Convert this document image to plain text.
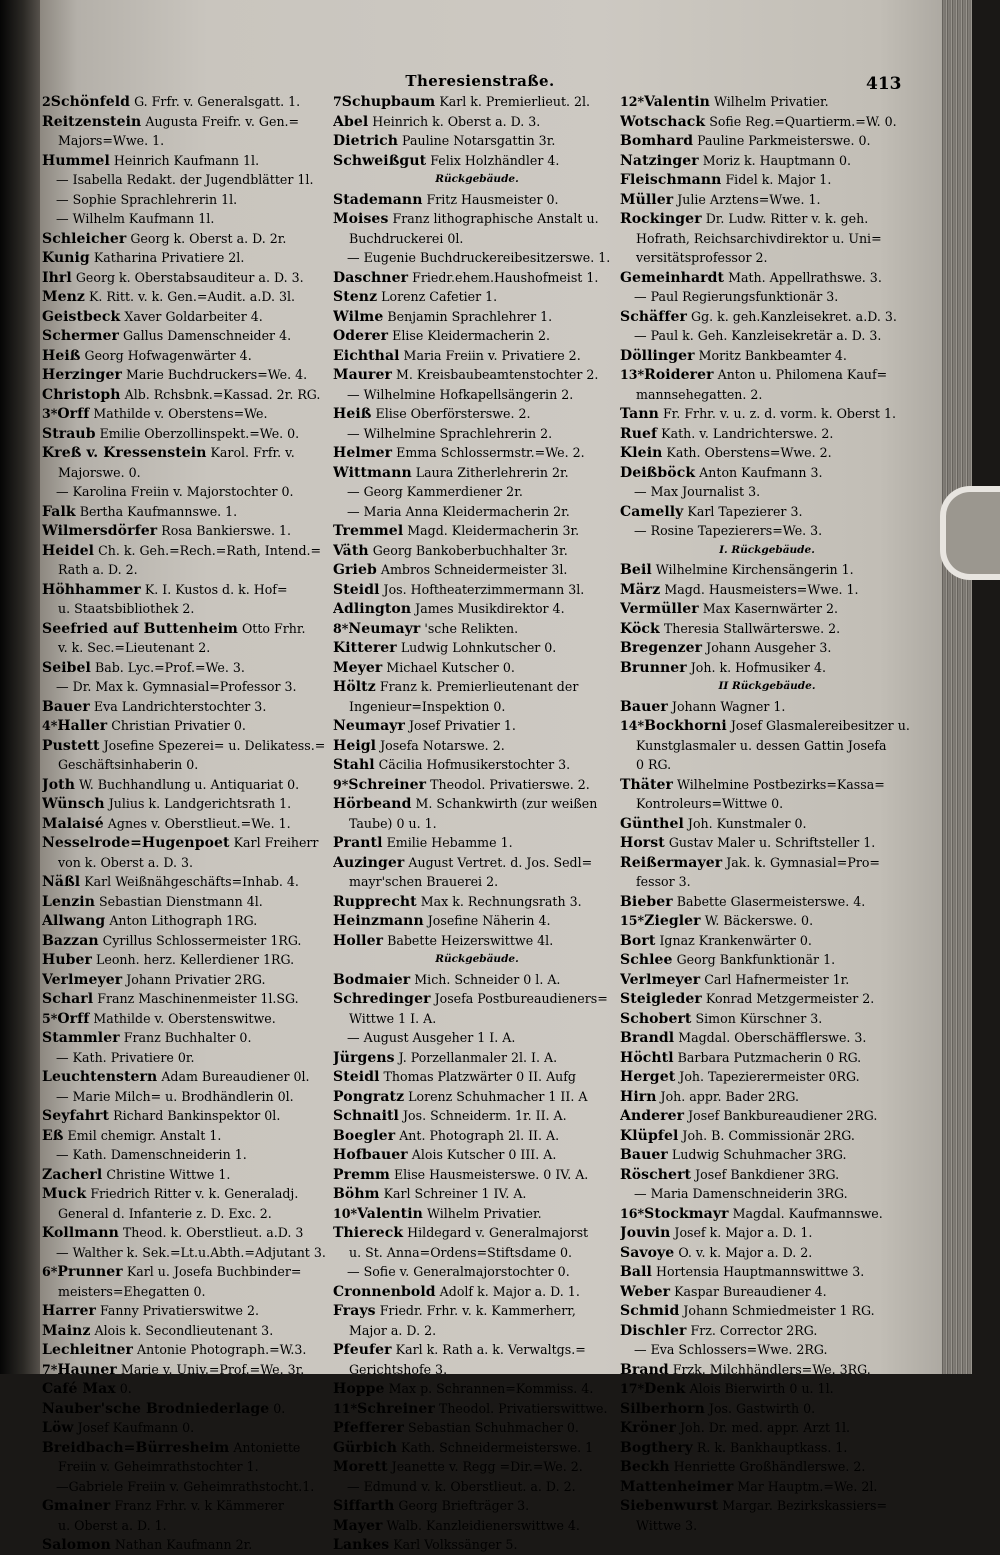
Theresienstraße.	413
2Schönfeld G. Frfr. v. Generalsgatt. 1.
Reitzenstein Augusta Freifr. v. Gen.=
Majors=Wwe. 1.
Hummel Heinrich Kaufmann 1l.
— Isabella Redakt. der Jugendblätter 1l.
— Sophie Sprachlehrerin 1l.
— Wilhelm Kaufmann 1l.
Schleicher Georg k. Oberst a. D. 2r.
Kunig Katharina Privatiere 2l.
Ihrl Georg k. Oberstabsauditeur a. D. 3.
Menz K. Ritt. v. k. Gen.=Audit. a.D. 3l.
Geistbeck Xaver Goldarbeiter 4.
Schermer Gallus Damenschneider 4.
Heiß Georg Hofwagenwärter 4.
Herzinger Marie Buchdruckers=We. 4.
Christoph Alb. Rchsbnk.=Kassad. 2r. RG.
3*Orff Mathilde v. Oberstens=We.
Straub Emilie Oberzollinspekt.=We. 0.
Kreß v. Kressenstein Karol. Frfr. v.
Majorswe. 0.
— Karolina Freiin v. Majorstochter 0.
Falk Bertha Kaufmannswe. 1.
Wilmersdörfer Rosa Bankierswe. 1.
Heidel Ch. k. Geh.=Rech.=Rath, Intend.=
Rath a. D. 2.
Höhhammer K. I. Kustos d. k. Hof=
u. Staatsbibliothek 2.
Seefried auf Buttenheim Otto Frhr.
v. k. Sec.=Lieutenant 2.
Seibel Bab. Lyc.=Prof.=We. 3.
— Dr. Max k. Gymnasial=Professor 3.
Bauer Eva Landrichterstochter 3.
4*Haller Christian Privatier 0.
Pustett Josefine Spezerei= u. Delikatess.=
Geschäftsinhaberin 0.
Joth W. Buchhandlung u. Antiquariat 0.
Wünsch Julius k. Landgerichtsrath 1.
Malaisé Agnes v. Oberstlieut.=We. 1.
Nesselrode=Hugenpoet Karl Freiherr
von k. Oberst a. D. 3.
Näßl Karl Weißnähgeschäfts=Inhab. 4.
Lenzin Sebastian Dienstmann 4l.
Allwang Anton Lithograph 1RG.
Bazzan Cyrillus Schlossermeister 1RG.
Huber Leonh. herz. Kellerdiener 1RG.
Verlmeyer Johann Privatier 2RG.
Scharl Franz Maschinenmeister 1l.SG.
5*Orff Mathilde v. Oberstenswitwe.
Stammler Franz Buchhalter 0.
— Kath. Privatiere 0r.
Leuchtenstern Adam Bureaudiener 0l.
— Marie Milch= u. Brodhändlerin 0l.
Seyfahrt Richard Bankinspektor 0l.
Eß Emil chemigr. Anstalt 1.
— Kath. Damenschneiderin 1.
Zacherl Christine Wittwe 1.
Muck Friedrich Ritter v. k. Generaladj.
General d. Infanterie z. D. Exc. 2.
Kollmann Theod. k. Oberstlieut. a.D. 3
— Walther k. Sek.=Lt.u.Abth.=Adjutant 3.
6*Prunner Karl u. Josefa Buchbinder=
meisters=Ehegatten 0.
Harrer Fanny Privatierswitwe 2.
Mainz Alois k. Secondlieutenant 3.
Lechleitner Antonie Photograph.=W.3.
7*Hauner Marie v. Univ.=Prof.=We. 3r.
Café Max 0.
Nauber'sche Brodniederlage 0.
Löw Josef Kaufmann 0.
Breidbach=Bürresheim Antoniette
Freiin v. Geheimrathstochter 1.
—Gabriele Freiin v. Geheimrathstocht.1.
Gmainer Franz Frhr. v. k Kämmerer
u. Oberst a. D. 1.
Salomon Nathan Kaufmann 2r.
7Schupbaum Karl k. Premierlieut. 2l.
Abel Heinrich k. Oberst a. D. 3.
Dietrich Pauline Notarsgattin 3r.
Schweißgut Felix Holzhändler 4.
Rückgebäude.
Stademann Fritz Hausmeister 0.
Moises Franz lithographische Anstalt u.
Buchdruckerei 0l.
— Eugenie Buchdruckereibesitzerswe. 1.
Daschner Friedr.ehem.Haushofmeist 1.
Stenz Lorenz Cafetier 1.
Wilme Benjamin Sprachlehrer 1.
Oderer Elise Kleidermacherin 2.
Eichthal Maria Freiin v. Privatiere 2.
Maurer M. Kreisbaubeamtenstochter 2.
— Wilhelmine Hofkapellsängerin 2.
Heiß Elise Oberförsterswe. 2.
— Wilhelmine Sprachlehrerin 2.
Helmer Emma Schlossermstr.=We. 2.
Wittmann Laura Zitherlehrerin 2r.
— Georg Kammerdiener 2r.
— Maria Anna Kleidermacherin 2r.
Tremmel Magd. Kleidermacherin 3r.
Väth Georg Bankoberbuchhalter 3r.
Grieb Ambros Schneidermeister 3l.
Steidl Jos. Hoftheaterzimmermann 3l.
Adlington James Musikdirektor 4.
8*Neumayr 'sche Relikten.
Kitterer Ludwig Lohnkutscher 0.
Meyer Michael Kutscher 0.
Höltz Franz k. Premierlieutenant der
Ingenieur=Inspektion 0.
Neumayr Josef Privatier 1.
Heigl Josefa Notarswe. 2.
Stahl Cäcilia Hofmusikerstochter 3.
9*Schreiner Theodol. Privatierswe. 2.
Hörbeand M. Schankwirth (zur weißen
Taube) 0 u. 1.
Prantl Emilie Hebamme 1.
Auzinger August Vertret. d. Jos. Sedl=
mayr'schen Brauerei 2.
Rupprecht Max k. Rechnungsrath 3.
Heinzmann Josefine Näherin 4.
Holler Babette Heizerswittwe 4l.
Rückgebäude.
Bodmaier Mich. Schneider 0 l. A.
Schredinger Josefa Postbureaudieners=
Wittwe 1 I. A.
— August Ausgeher 1 I. A.
Jürgens J. Porzellanmaler 2l. I. A.
Steidl Thomas Platzwärter 0 II. Aufg
Pongratz Lorenz Schuhmacher 1 II. A
Schnaitl Jos. Schneiderm. 1r. II. A.
Boegler Ant. Photograph 2l. II. A.
Hofbauer Alois Kutscher 0 III. A.
Premm Elise Hausmeisterswe. 0 IV. A.
Böhm Karl Schreiner 1 IV. A.
10*Valentin Wilhelm Privatier.
Thiereck Hildegard v. Generalmajorst
u. St. Anna=Ordens=Stiftsdame 0.
— Sofie v. Generalmajorstochter 0.
Cronnenbold Adolf k. Major a. D. 1.
Frays Friedr. Frhr. v. k. Kammerherr,
Major a. D. 2.
Pfeufer Karl k. Rath a. k. Verwaltgs.=
Gerichtshofe 3.
Hoppe Max p. Schrannen=Kommiss. 4.
11*Schreiner Theodol. Privatierswittwe.
Pfefferer Sebastian Schuhmacher 0.
Gürbich Kath. Schneidermeisterswe. 1
Morett Jeanette v. Regg =Dir.=We. 2.
— Edmund v. k. Oberstlieut. a. D. 2.
Siffarth Georg Briefträger 3.
Mayer Walb. Kanzleidienerswittwe 4.
Lankes Karl Volkssänger 5.
12*Valentin Wilhelm Privatier.
Wotschack Sofie Reg.=Quartierm.=W. 0.
Bomhard Pauline Parkmeisterswe. 0.
Natzinger Moriz k. Hauptmann 0.
Fleischmann Fidel k. Major 1.
Müller Julie Arztens=Wwe. 1.
Rockinger Dr. Ludw. Ritter v. k. geh.
Hofrath, Reichsarchivdirektor u. Uni=
versitätsprofessor 2.
Gemeinhardt Math. Appellrathswe. 3.
— Paul Regierungsfunktionär 3.
Schäffer Gg. k. geh.Kanzleisekret. a.D. 3.
— Paul k. Geh. Kanzleisekretär a. D. 3.
Döllinger Moritz Bankbeamter 4.
13*Roiderer Anton u. Philomena Kauf=
mannsehegatten. 2.
Tann Fr. Frhr. v. u. z. d. vorm. k. Oberst 1.
Ruef Kath. v. Landrichterswe. 2.
Klein Kath. Oberstens=Wwe. 2.
Deißböck Anton Kaufmann 3.
— Max Journalist 3.
Camelly Karl Tapezierer 3.
— Rosine Tapezierers=We. 3.
I. Rückgebäude.
Beil Wilhelmine Kirchensängerin 1.
März Magd. Hausmeisters=Wwe. 1.
Vermüller Max Kasernwärter 2.
Köck Theresia Stallwärterswe. 2.
Bregenzer Johann Ausgeher 3.
Brunner Joh. k. Hofmusiker 4.
II Rückgebäude.
Bauer Johann Wagner 1.
14*Bockhorni Josef Glasmalereibesitzer u.
Kunstglasmaler u. dessen Gattin Josefa
0 RG.
Thäter Wilhelmine Postbezirks=Kassa=
Kontroleurs=Wittwe 0.
Günthel Joh. Kunstmaler 0.
Horst Gustav Maler u. Schriftsteller 1.
Reißermayer Jak. k. Gymnasial=Pro=
fessor 3.
Bieber Babette Glasermeisterswe. 4.
15*Ziegler W. Bäckerswe. 0.
Bort Ignaz Krankenwärter 0.
Schlee Georg Bankfunktionär 1.
Verlmeyer Carl Hafnermeister 1r.
Steigleder Konrad Metzgermeister 2.
Schobert Simon Kürschner 3.
Brandl Magdal. Oberschäfflerswe. 3.
Höchtl Barbara Putzmacherin 0 RG.
Herget Joh. Tapezierermeister 0RG.
Hirn Joh. appr. Bader 2RG.
Anderer Josef Bankbureaudiener 2RG.
Klüpfel Joh. B. Commissionär 2RG.
Bauer Ludwig Schuhmacher 3RG.
Röschert Josef Bankdiener 3RG.
— Maria Damenschneiderin 3RG.
16*Stockmayr Magdal. Kaufmannswe.
Jouvin Josef k. Major a. D. 1.
Savoye O. v. k. Major a. D. 2.
Ball Hortensia Hauptmannswittwe 3.
Weber Kaspar Bureaudiener 4.
Schmid Johann Schmiedmeister 1 RG.
Dischler Frz. Corrector 2RG.
— Eva Schlossers=Wwe. 2RG.
Brand Frzk. Milchhändlers=We. 3RG.
17*Denk Alois Bierwirth 0 u. 1l.
Silberhorn Jos. Gastwirth 0.
Kröner Joh. Dr. med. appr. Arzt 1l.
Bogthery R. k. Bankhauptkass. 1.
Beckh Henriette Großhändlerswe. 2.
Mattenheimer Mar Hauptm.=We. 2l.
Siebenwurst Margar. Bezirkskassiers=
Wittwe 3.
